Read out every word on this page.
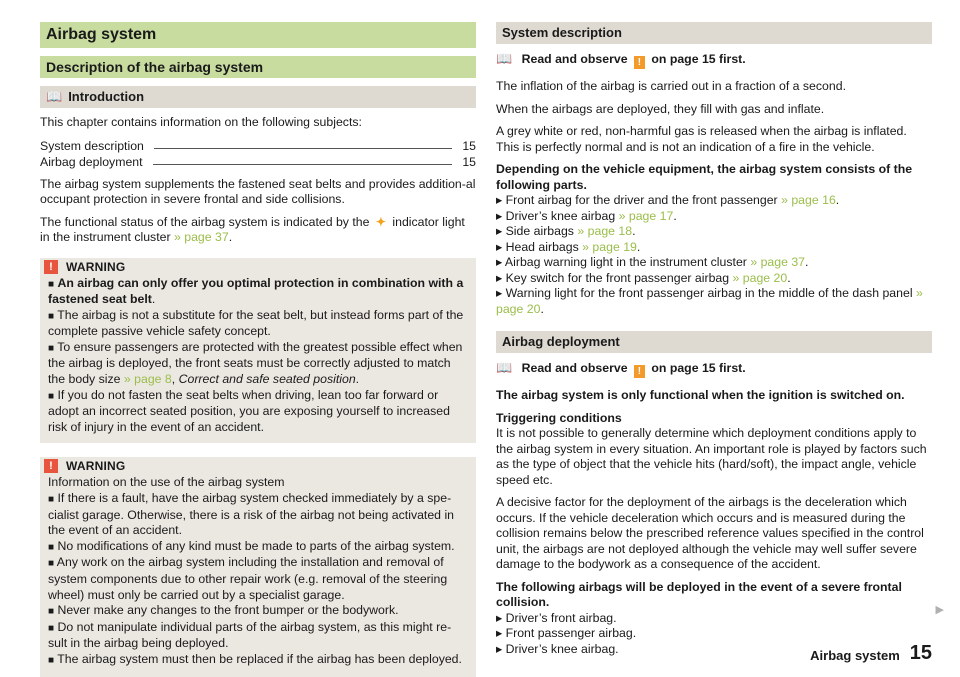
Airbag system
Description of the airbag system
📖 Introduction

This chapter contains information on the following subjects:

System description	15
Airbag deployment	15

The airbag system supplements the fastened seat belts and provides addition-al occupant protection in severe frontal and side collisions.

The functional status of the airbag system is indicated by the ✦ indicator light in the instrument cluster » page 37.

!	WARNING

■ An airbag can only offer you optimal protection in combination with a fastened seat belt.

■ The airbag is not a substitute for the seat belt, but instead forms part of the complete passive vehicle safety concept.

■ To ensure passengers are protected with the greatest possible effect when the airbag is deployed, the front seats must be correctly adjusted to match the body size » page 8, Correct and safe seated position.

■ If you do not fasten the seat belts when driving, lean too far forward or adopt an incorrect seated position, you are exposing yourself to increased risk of injury in the event of an accident.

!	WARNING

Information on the use of the airbag system

■ If there is a fault, have the airbag system checked immediately by a spe-cialist garage. Otherwise, there is a risk of the airbag not being activated in the event of an accident.

■ No modifications of any kind must be made to parts of the airbag system.

■ Any work on the airbag system including the installation and removal of system components due to other repair work (e.g. removal of the steering wheel) must only be carried out by a specialist garage.

■ Never make any changes to the front bumper or the bodywork.

■ Do not manipulate individual parts of the airbag system, as this might re-sult in the airbag being deployed.

■ The airbag system must then be replaced if the airbag has been deployed.

System description

📖 Read and observe ! on page 15 first.

The inflation of the airbag is carried out in a fraction of a second.

When the airbags are deployed, they fill with gas and inflate.

A grey white or red, non-harmful gas is released when the airbag is inflated. This is perfectly normal and is not an indication of a fire in the vehicle.

Depending on the vehicle equipment, the airbag system consists of the following parts.

▸ Front airbag for the driver and the front passenger » page 16.

▸ Driver’s knee airbag » page 17.

▸ Side airbags » page 18.

▸ Head airbags » page 19.

▸ Airbag warning light in the instrument cluster » page 37.

▸ Key switch for the front passenger airbag » page 20.

▸ Warning light for the front passenger airbag in the middle of the dash panel » page 20.

Airbag deployment

📖 Read and observe ! on page 15 first.

The airbag system is only functional when the ignition is switched on.

Triggering conditions

It is not possible to generally determine which deployment conditions apply to the airbag system in every situation. An important role is played by factors such as the type of object that the vehicle hits (hard/soft), the impact angle, vehicle speed etc.

A decisive factor for the deployment of the airbags is the deceleration which occurs. If the vehicle deceleration which occurs and is measured during the collision remains below the prescribed reference values specified in the control unit, the airbags are not deployed although the vehicle may well suffer severe damage to the bodywork as a consequence of the accident.

The following airbags will be deployed in the event of a severe frontal collision.

▸ Driver’s front airbag.

▸ Front passenger airbag.

▸ Driver’s knee airbag.

▶
Airbag system 15
